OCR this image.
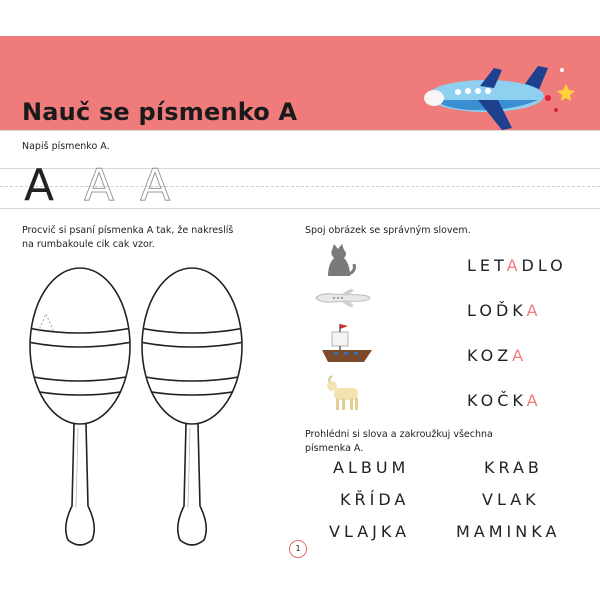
Nauč se písmenko A
Napiš písmenko A.
A A A
Procvič si psaní písmenka A tak, že nakreslíš
na rumbakoule cik cak vzor.
Spoj obrázek se správným slovem.
LETADLO
LOĎKA
KOZA
KOČKA
Prohlédni si slova a zakroužkuj všechna
písmenka A.
ALBUM	KRAB
KŘÍDA	VLAK
VLAJKA	MAMINKA
1
